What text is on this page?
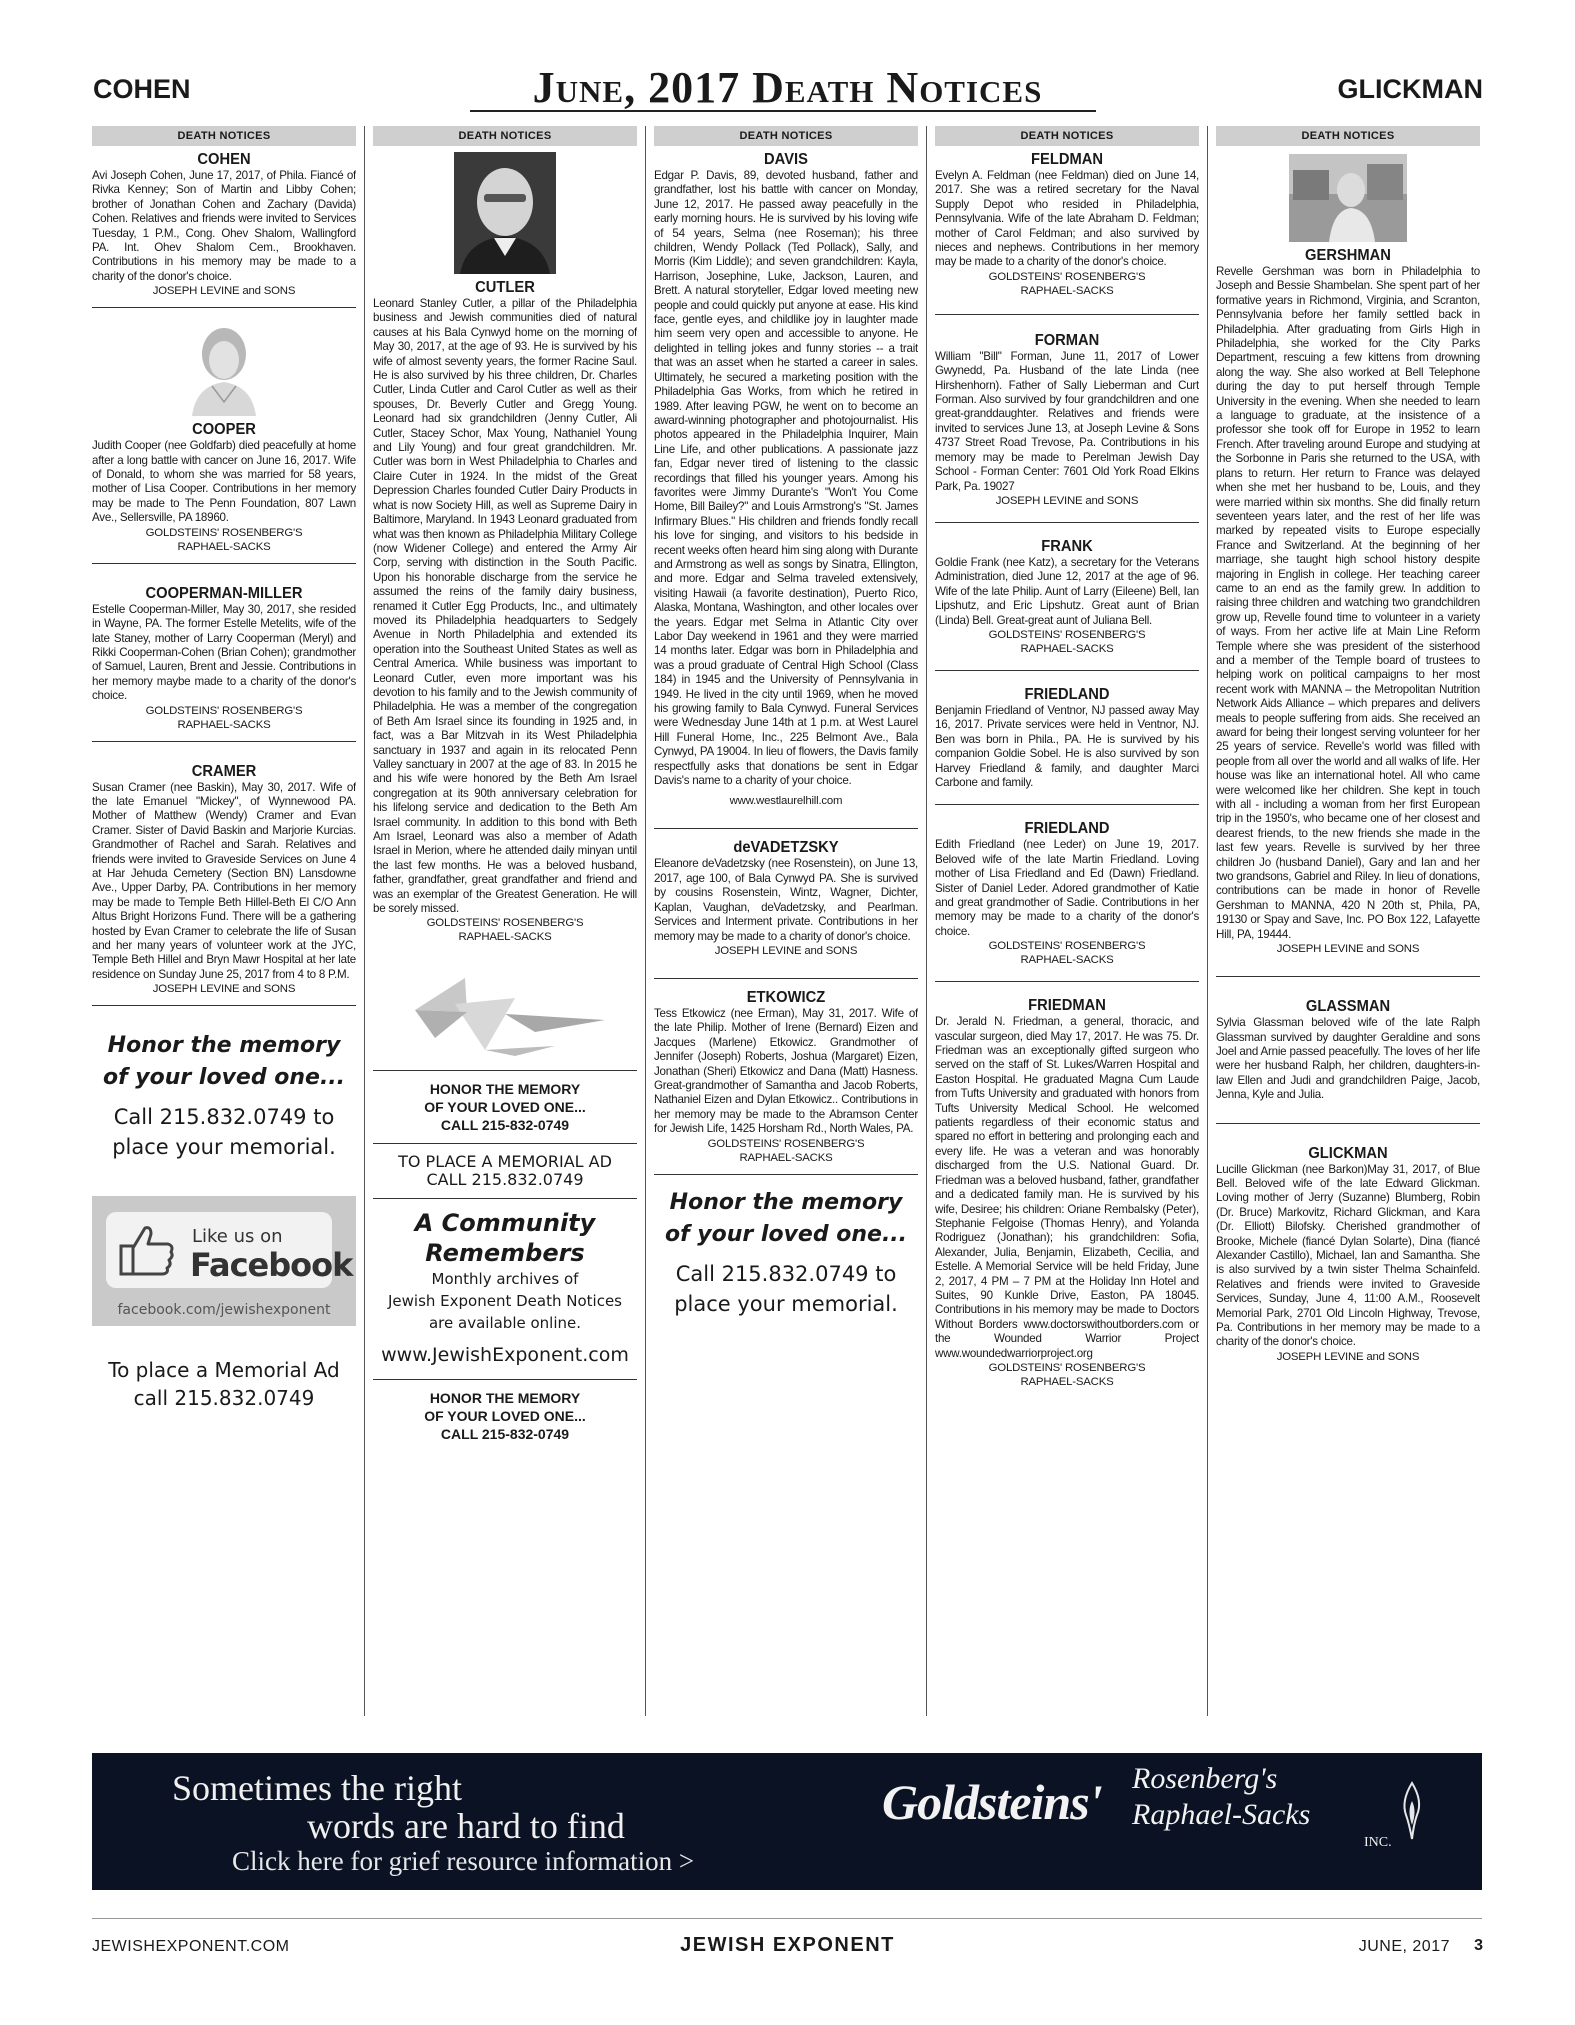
COHEN	June, 2017 Death Notices	GLICKMAN
DEATH NOTICES
COHEN
Avi Joseph Cohen, June 17, 2017, of Phila. Fiancé of Rivka Kenney; Son of Martin and Libby Cohen; brother of Jonathan Cohen and Zachary (Davida) Cohen. Relatives and friends were invited to Services Tuesday, 1 P.M., Cong. Ohev Shalom, Wallingford PA. Int. Ohev Shalom Cem., Brookhaven. Contributions in his memory may be made to a charity of the donor's choice.
JOSEPH LEVINE and SONS
COOPER
Judith Cooper (nee Goldfarb) died peacefully at home after a long battle with cancer on June 16, 2017. Wife of Donald, to whom she was married for 58 years, mother of Lisa Cooper. Contributions in her memory may be made to The Penn Foundation, 807 Lawn Ave., Sellersville, PA 18960.
GOLDSTEINS' ROSENBERG'S
RAPHAEL-SACKS
COOPERMAN-MILLER
Estelle Cooperman-Miller, May 30, 2017, she resided in Wayne, PA. The former Estelle Metelits, wife of the late Staney, mother of Larry Cooperman (Meryl) and Rikki Cooperman-Cohen (Brian Cohen); grandmother of Samuel, Lauren, Brent and Jessie. Contributions in her memory maybe made to a charity of the donor's choice.
GOLDSTEINS' ROSENBERG'S
RAPHAEL-SACKS
CRAMER
Susan Cramer (nee Baskin), May 30, 2017. Wife of the late Emanuel "Mickey", of Wynnewood PA. Mother of Matthew (Wendy) Cramer and Evan Cramer. Sister of David Baskin and Marjorie Kurcias. Grandmother of Rachel and Sarah. Relatives and friends were invited to Graveside Services on June 4 at Har Jehuda Cemetery (Section BN) Lansdowne Ave., Upper Darby, PA. Contributions in her memory may be made to Temple Beth Hillel-Beth El C/O Ann Altus Bright Horizons Fund. There will be a gathering hosted by Evan Cramer to celebrate the life of Susan and her many years of volunteer work at the JYC, Temple Beth Hillel and Bryn Mawr Hospital at her late residence on Sunday June 25, 2017 from 4 to 8 P.M.
JOSEPH LEVINE and SONS
Honor the memory
of your loved one...
Call 215.832.0749 to
place your memorial.
Like us on
Facebook
facebook.com/jewishexponent
To place a Memorial Ad
call 215.832.0749
DEATH NOTICES
CUTLER
Leonard Stanley Cutler, a pillar of the Philadelphia business and Jewish communities died of natural causes at his Bala Cynwyd home on the morning of May 30, 2017, at the age of 93. He is survived by his wife of almost seventy years, the former Racine Saul. He is also survived by his three children, Dr. Charles Cutler, Linda Cutler and Carol Cutler as well as their spouses, Dr. Beverly Cutler and Gregg Young. Leonard had six grandchildren (Jenny Cutler, Ali Cutler, Stacey Schor, Max Young, Nathaniel Young and Lily Young) and four great grandchildren. Mr. Cutler was born in West Philadelphia to Charles and Claire Cuter in 1924. In the midst of the Great Depression Charles founded Cutler Dairy Products in what is now Society Hill, as well as Supreme Dairy in Baltimore, Maryland. In 1943 Leonard graduated from what was then known as Philadelphia Military College (now Widener College) and entered the Army Air Corp, serving with distinction in the South Pacific. Upon his honorable discharge from the service he assumed the reins of the family dairy business, renamed it Cutler Egg Products, Inc., and ultimately moved its Philadelphia headquarters to Sedgely Avenue in North Philadelphia and extended its operation into the Southeast United States as well as Central America. While business was important to Leonard Cutler, even more important was his devotion to his family and to the Jewish community of Philadelphia. He was a member of the congregation of Beth Am Israel since its founding in 1925 and, in fact, was a Bar Mitzvah in its West Philadelphia sanctuary in 1937 and again in its relocated Penn Valley sanctuary in 2007 at the age of 83. In 2015 he and his wife were honored by the Beth Am Israel congregation at its 90th anniversary celebration for his lifelong service and dedication to the Beth Am Israel community. In addition to this bond with Beth Am Israel, Leonard was also a member of Adath Israel in Merion, where he attended daily minyan until the last few months. He was a beloved husband, father, grandfather, great grandfather and friend and was an exemplar of the Greatest Generation. He will be sorely missed.
GOLDSTEINS' ROSENBERG'S
RAPHAEL-SACKS
HONOR THE MEMORY
OF YOUR LOVED ONE...
CALL 215-832-0749
TO PLACE A MEMORIAL AD
CALL 215.832.0749
A Community
Remembers
Monthly archives of
Jewish Exponent Death Notices
are available online.
www.JewishExponent.com
HONOR THE MEMORY
OF YOUR LOVED ONE...
CALL 215-832-0749
DEATH NOTICES
DAVIS
Edgar P. Davis, 89, devoted husband, father and grandfather, lost his battle with cancer on Monday, June 12, 2017. He passed away peacefully in the early morning hours. He is survived by his loving wife of 54 years, Selma (nee Roseman); his three children, Wendy Pollack (Ted Pollack), Sally, and Morris (Kim Liddle); and seven grandchildren: Kayla, Harrison, Josephine, Luke, Jackson, Lauren, and Brett. A natural storyteller, Edgar loved meeting new people and could quickly put anyone at ease. His kind face, gentle eyes, and childlike joy in laughter made him seem very open and accessible to anyone. He delighted in telling jokes and funny stories -- a trait that was an asset when he started a career in sales. Ultimately, he secured a marketing position with the Philadelphia Gas Works, from which he retired in 1989. After leaving PGW, he went on to become an award-winning photographer and photojournalist. His photos appeared in the Philadelphia Inquirer, Main Line Life, and other publications. A passionate jazz fan, Edgar never tired of listening to the classic recordings that filled his younger years. Among his favorites were Jimmy Durante's "Won't You Come Home, Bill Bailey?" and Louis Armstrong's "St. James Infirmary Blues." His children and friends fondly recall his love for singing, and visitors to his bedside in recent weeks often heard him sing along with Durante and Armstrong as well as songs by Sinatra, Ellington, and more. Edgar and Selma traveled extensively, visiting Hawaii (a favorite destination), Puerto Rico, Alaska, Montana, Washington, and other locales over the years. Edgar met Selma in Atlantic City over Labor Day weekend in 1961 and they were married 14 months later. Edgar was born in Philadelphia and was a proud graduate of Central High School (Class 184) in 1945 and the University of Pennsylvania in 1949. He lived in the city until 1969, when he moved his growing family to Bala Cynwyd. Funeral Services were Wednesday June 14th at 1 p.m. at West Laurel Hill Funeral Home, Inc., 225 Belmont Ave., Bala Cynwyd, PA 19004. In lieu of flowers, the Davis family respectfully asks that donations be sent in Edgar Davis's name to a charity of your choice.
www.westlaurelhill.com
deVADETZSKY
Eleanore deVadetzsky (nee Rosenstein), on June 13, 2017, age 100, of Bala Cynwyd PA. She is survived by cousins Rosenstein, Wintz, Wagner, Dichter, Kaplan, Vaughan, deVadetzsky, and Pearlman. Services and Interment private. Contributions in her memory may be made to a charity of donor's choice.
JOSEPH LEVINE and SONS
ETKOWICZ
Tess Etkowicz (nee Erman), May 31, 2017. Wife of the late Philip. Mother of Irene (Bernard) Eizen and Jacques (Marlene) Etkowicz. Grandmother of Jennifer (Joseph) Roberts, Joshua (Margaret) Eizen, Jonathan (Sheri) Etkowicz and Dana (Matt) Hasness. Great-grandmother of Samantha and Jacob Roberts, Nathaniel Eizen and Dylan Etkowicz.. Contributions in her memory may be made to the Abramson Center for Jewish Life, 1425 Horsham Rd., North Wales, PA.
GOLDSTEINS' ROSENBERG'S
RAPHAEL-SACKS
Honor the memory
of your loved one...
Call 215.832.0749 to
place your memorial.
DEATH NOTICES
FELDMAN
Evelyn A. Feldman (nee Feldman) died on June 14, 2017. She was a retired secretary for the Naval Supply Depot who resided in Philadelphia, Pennsylvania. Wife of the late Abraham D. Feldman; mother of Carol Feldman; and also survived by nieces and nephews. Contributions in her memory may be made to a charity of the donor's choice.
GOLDSTEINS' ROSENBERG'S
RAPHAEL-SACKS
FORMAN
William "Bill" Forman, June 11, 2017 of Lower Gwynedd, Pa. Husband of the late Linda (nee Hirshenhorn). Father of Sally Lieberman and Curt Forman. Also survived by four grandchildren and one great-granddaughter. Relatives and friends were invited to services June 13, at Joseph Levine & Sons 4737 Street Road Trevose, Pa. Contributions in his memory may be made to Perelman Jewish Day School - Forman Center: 7601 Old York Road Elkins Park, Pa. 19027
JOSEPH LEVINE and SONS
FRANK
Goldie Frank (nee Katz), a secretary for the Veterans Administration, died June 12, 2017 at the age of 96. Wife of the late Philip. Aunt of Larry (Eileene) Bell, Ian Lipshutz, and Eric Lipshutz. Great aunt of Brian (Linda) Bell. Great-great aunt of Juliana Bell.
GOLDSTEINS' ROSENBERG'S
RAPHAEL-SACKS
FRIEDLAND
Benjamin Friedland of Ventnor, NJ passed away May 16, 2017. Private services were held in Ventnor, NJ. Ben was born in Phila., PA. He is survived by his companion Goldie Sobel. He is also survived by son Harvey Friedland & family, and daughter Marci Carbone and family.
FRIEDLAND
Edith Friedland (nee Leder) on June 19, 2017. Beloved wife of the late Martin Friedland. Loving mother of Lisa Friedland and Ed (Dawn) Friedland. Sister of Daniel Leder. Adored grandmother of Katie and great grandmother of Sadie. Contributions in her memory may be made to a charity of the donor's choice.
GOLDSTEINS' ROSENBERG'S
RAPHAEL-SACKS
FRIEDMAN
Dr. Jerald N. Friedman, a general, thoracic, and vascular surgeon, died May 17, 2017. He was 75. Dr. Friedman was an exceptionally gifted surgeon who served on the staff of St. Lukes/Warren Hospital and Easton Hospital. He graduated Magna Cum Laude from Tufts University and graduated with honors from Tufts University Medical School. He welcomed patients regardless of their economic status and spared no effort in bettering and prolonging each and every life. He was a veteran and was honorably discharged from the U.S. National Guard. Dr. Friedman was a beloved husband, father, grandfather and a dedicated family man. He is survived by his wife, Desiree; his children: Oriane Rembalsky (Peter), Stephanie Felgoise (Thomas Henry), and Yolanda Rodriguez (Jonathan); his grandchildren: Sofia, Alexander, Julia, Benjamin, Elizabeth, Cecilia, and Estelle. A Memorial Service will be held Friday, June 2, 2017, 4 PM – 7 PM at the Holiday Inn Hotel and Suites, 90 Kunkle Drive, Easton, PA 18045. Contributions in his memory may be made to Doctors Without Borders www.doctorswithoutborders.com or the Wounded Warrior Project www.woundedwarriorproject.org
GOLDSTEINS' ROSENBERG'S
RAPHAEL-SACKS
DEATH NOTICES
GERSHMAN
Revelle Gershman was born in Philadelphia to Joseph and Bessie Shambelan. She spent part of her formative years in Richmond, Virginia, and Scranton, Pennsylvania before her family settled back in Philadelphia. After graduating from Girls High in Philadelphia, she worked for the City Parks Department, rescuing a few kittens from drowning along the way. She also worked at Bell Telephone during the day to put herself through Temple University in the evening. When she needed to learn a language to graduate, at the insistence of a professor she took off for Europe in 1952 to learn French. After traveling around Europe and studying at the Sorbonne in Paris she returned to the USA, with plans to return. Her return to France was delayed when she met her husband to be, Louis, and they were married within six months. She did finally return seventeen years later, and the rest of her life was marked by repeated visits to Europe especially France and Switzerland. At the beginning of her marriage, she taught high school history despite majoring in English in college. Her teaching career came to an end as the family grew. In addition to raising three children and watching two grandchildren grow up, Revelle found time to volunteer in a variety of ways. From her active life at Main Line Reform Temple where she was president of the sisterhood and a member of the Temple board of trustees to helping work on political campaigns to her most recent work with MANNA – the Metropolitan Nutrition Network Aids Alliance – which prepares and delivers meals to people suffering from aids. She received an award for being their longest serving volunteer for her 25 years of service. Revelle's world was filled with people from all over the world and all walks of life. Her house was like an international hotel. All who came were welcomed like her children. She kept in touch with all - including a woman from her first European trip in the 1950's, who became one of her closest and dearest friends, to the new friends she made in the last few years. Revelle is survived by her three children Jo (husband Daniel), Gary and Ian and her two grandsons, Gabriel and Riley. In lieu of donations, contributions can be made in honor of Revelle Gershman to MANNA, 420 N 20th st, Phila, PA, 19130 or Spay and Save, Inc. PO Box 122, Lafayette Hill, PA, 19444.
JOSEPH LEVINE and SONS
GLASSMAN
Sylvia Glassman beloved wife of the late Ralph Glassman survived by daughter Geraldine and sons Joel and Arnie passed peacefully. The loves of her life were her husband Ralph, her children, daughters-in-law Ellen and Judi and grandchildren Paige, Jacob, Jenna, Kyle and Julia.
GLICKMAN
Lucille Glickman (nee Barkon)May 31, 2017, of Blue Bell. Beloved wife of the late Edward Glickman. Loving mother of Jerry (Suzanne) Blumberg, Robin (Dr. Bruce) Markovitz, Richard Glickman, and Kara (Dr. Elliott) Bilofsky. Cherished grandmother of Brooke, Michele (fiancé Dylan Solarte), Dina (fiancé Alexander Castillo), Michael, Ian and Samantha. She is also survived by a twin sister Thelma Schainfeld. Relatives and friends were invited to Graveside Services, Sunday, June 4, 11:00 A.M., Roosevelt Memorial Park, 2701 Old Lincoln Highway, Trevose, Pa. Contributions in her memory may be made to a charity of the donor's choice.
JOSEPH LEVINE and SONS
Sometimes the right
words are hard to find
Click here for grief resource information >
Goldsteins' Rosenberg's
Raphael-Sacks
INC.
JEWISHEXPONENT.COM	JEWISH EXPONENT	JUNE, 2017 3
